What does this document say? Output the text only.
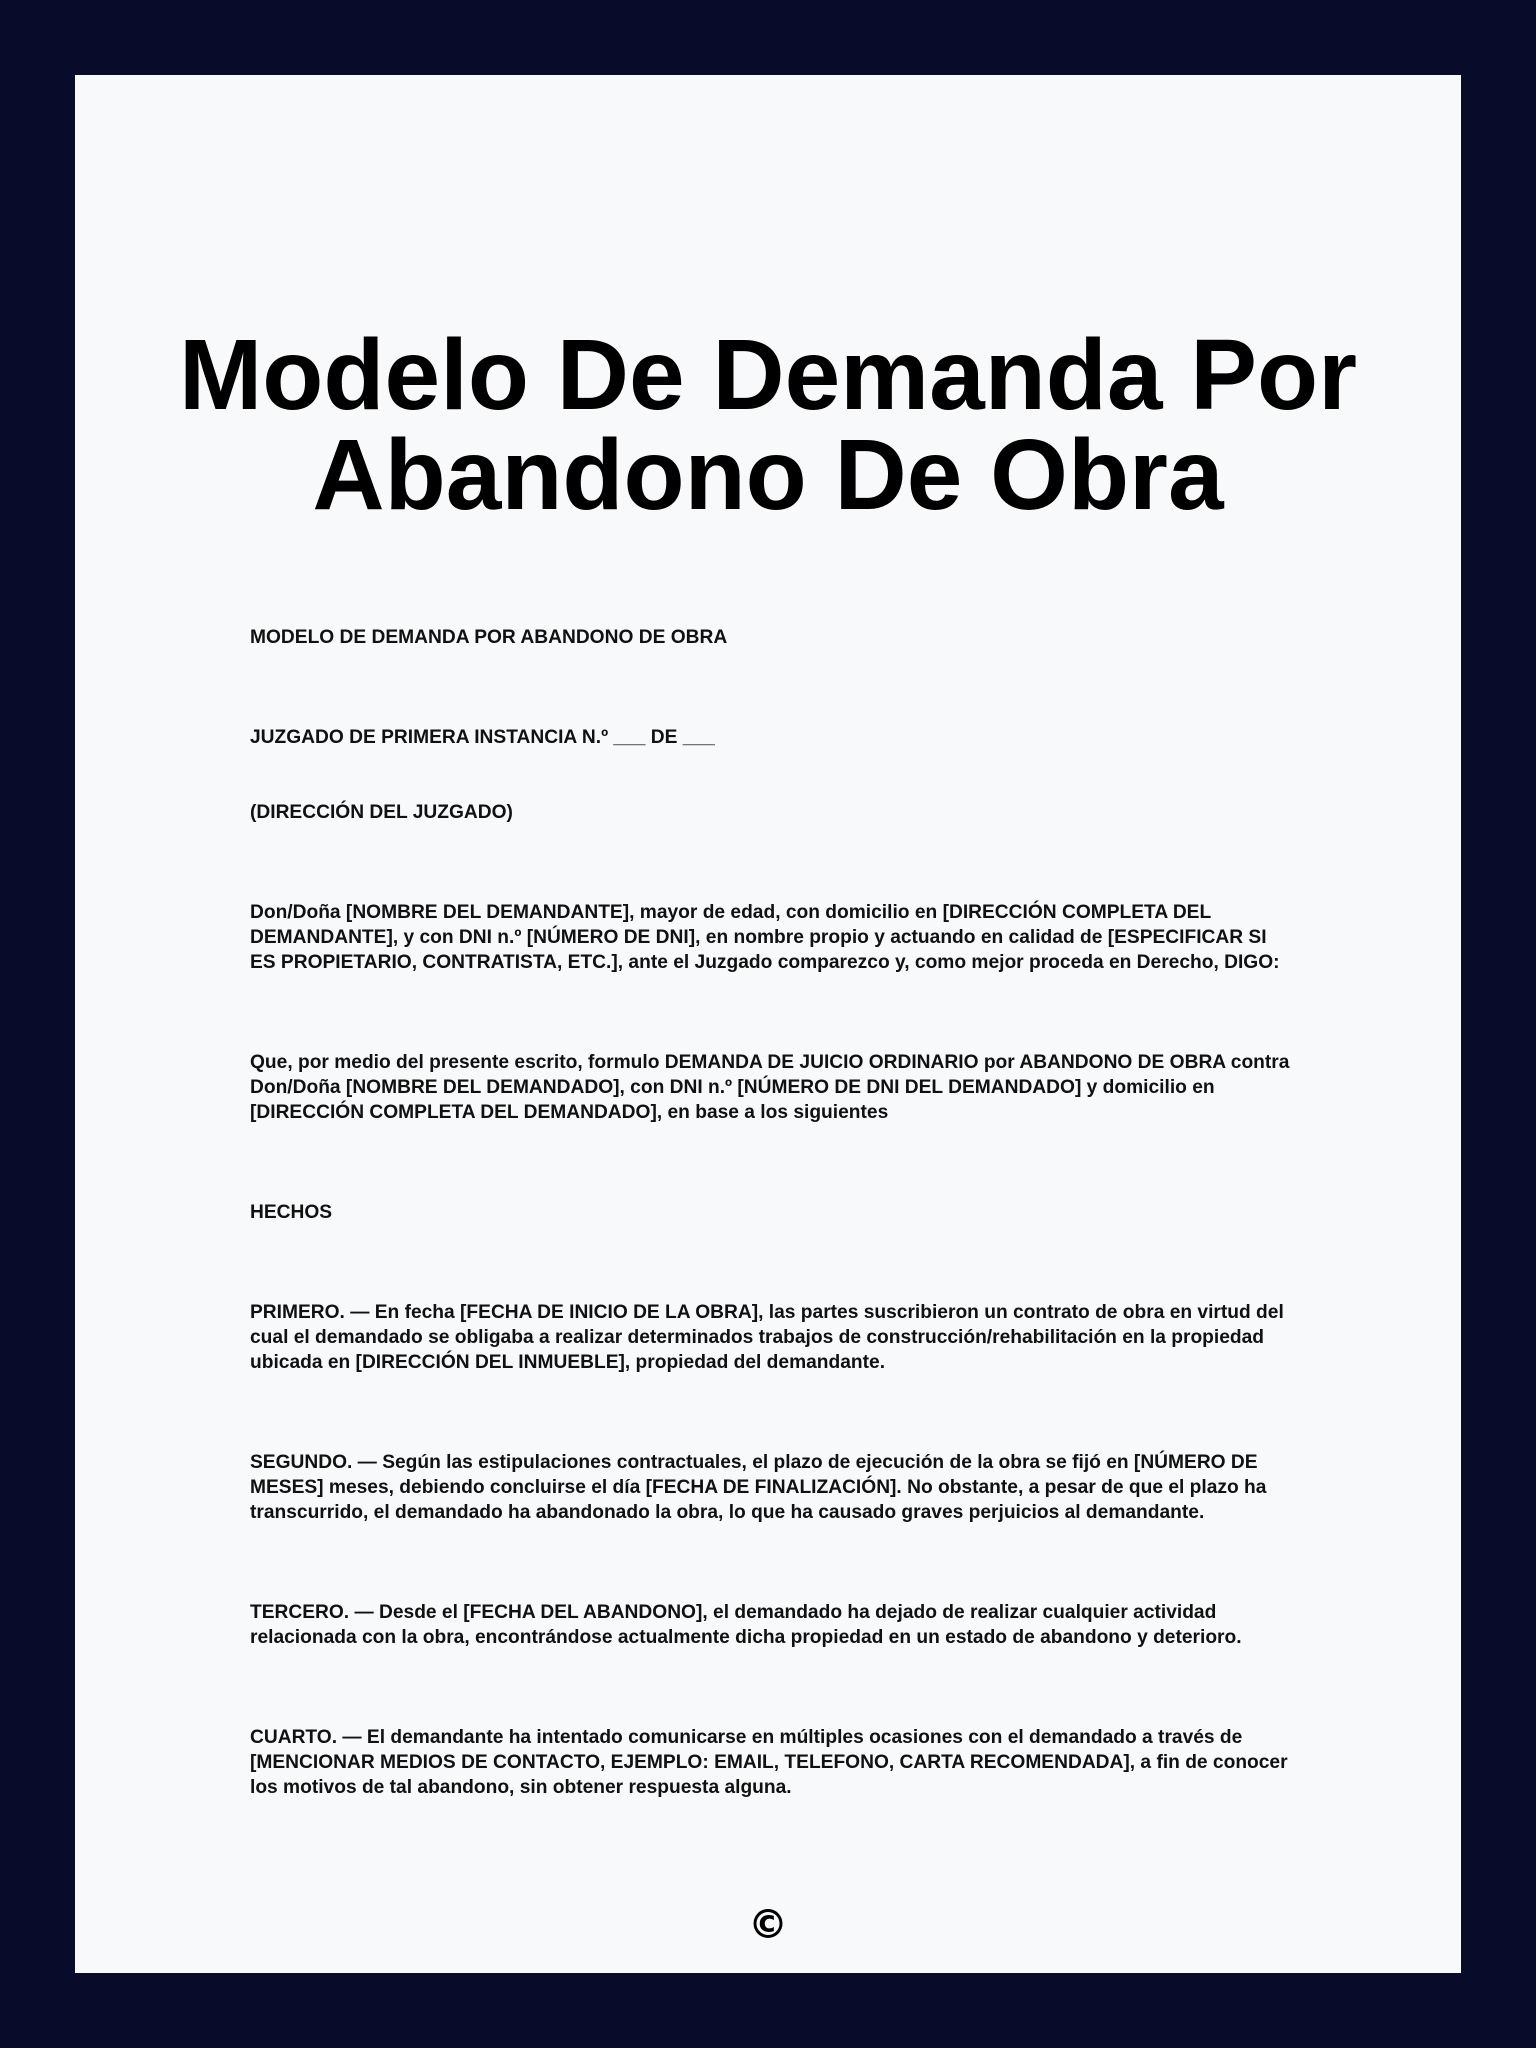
Modelo De Demanda Por Abandono De Obra

MODELO DE DEMANDA POR ABANDONO DE OBRA

JUZGADO DE PRIMERA INSTANCIA N.º ___ DE ___

(DIRECCIÓN DEL JUZGADO)

Don/Doña [NOMBRE DEL DEMANDANTE], mayor de edad, con domicilio en [DIRECCIÓN COMPLETA DEL DEMANDANTE], y con DNI n.º [NÚMERO DE DNI], en nombre propio y actuando en calidad de [ESPECIFICAR SI ES PROPIETARIO, CONTRATISTA, ETC.], ante el Juzgado comparezco y, como mejor proceda en Derecho, DIGO:

Que, por medio del presente escrito, formulo DEMANDA DE JUICIO ORDINARIO por ABANDONO DE OBRA contra Don/Doña [NOMBRE DEL DEMANDADO], con DNI n.º [NÚMERO DE DNI DEL DEMANDADO] y domicilio en [DIRECCIÓN COMPLETA DEL DEMANDADO], en base a los siguientes

HECHOS

PRIMERO. — En fecha [FECHA DE INICIO DE LA OBRA], las partes suscribieron un contrato de obra en virtud del cual el demandado se obligaba a realizar determinados trabajos de construcción/rehabilitación en la propiedad ubicada en [DIRECCIÓN DEL INMUEBLE], propiedad del demandante.

SEGUNDO. — Según las estipulaciones contractuales, el plazo de ejecución de la obra se fijó en [NÚMERO DE MESES] meses, debiendo concluirse el día [FECHA DE FINALIZACIÓN]. No obstante, a pesar de que el plazo ha transcurrido, el demandado ha abandonado la obra, lo que ha causado graves perjuicios al demandante.

TERCERO. — Desde el [FECHA DEL ABANDONO], el demandado ha dejado de realizar cualquier actividad relacionada con la obra, encontrándose actualmente dicha propiedad en un estado de abandono y deterioro.

CUARTO. — El demandante ha intentado comunicarse en múltiples ocasiones con el demandado a través de [MENCIONAR MEDIOS DE CONTACTO, EJEMPLO: EMAIL, TELEFONO, CARTA RECOMENDADA], a fin de conocer los motivos de tal abandono, sin obtener respuesta alguna.

©
